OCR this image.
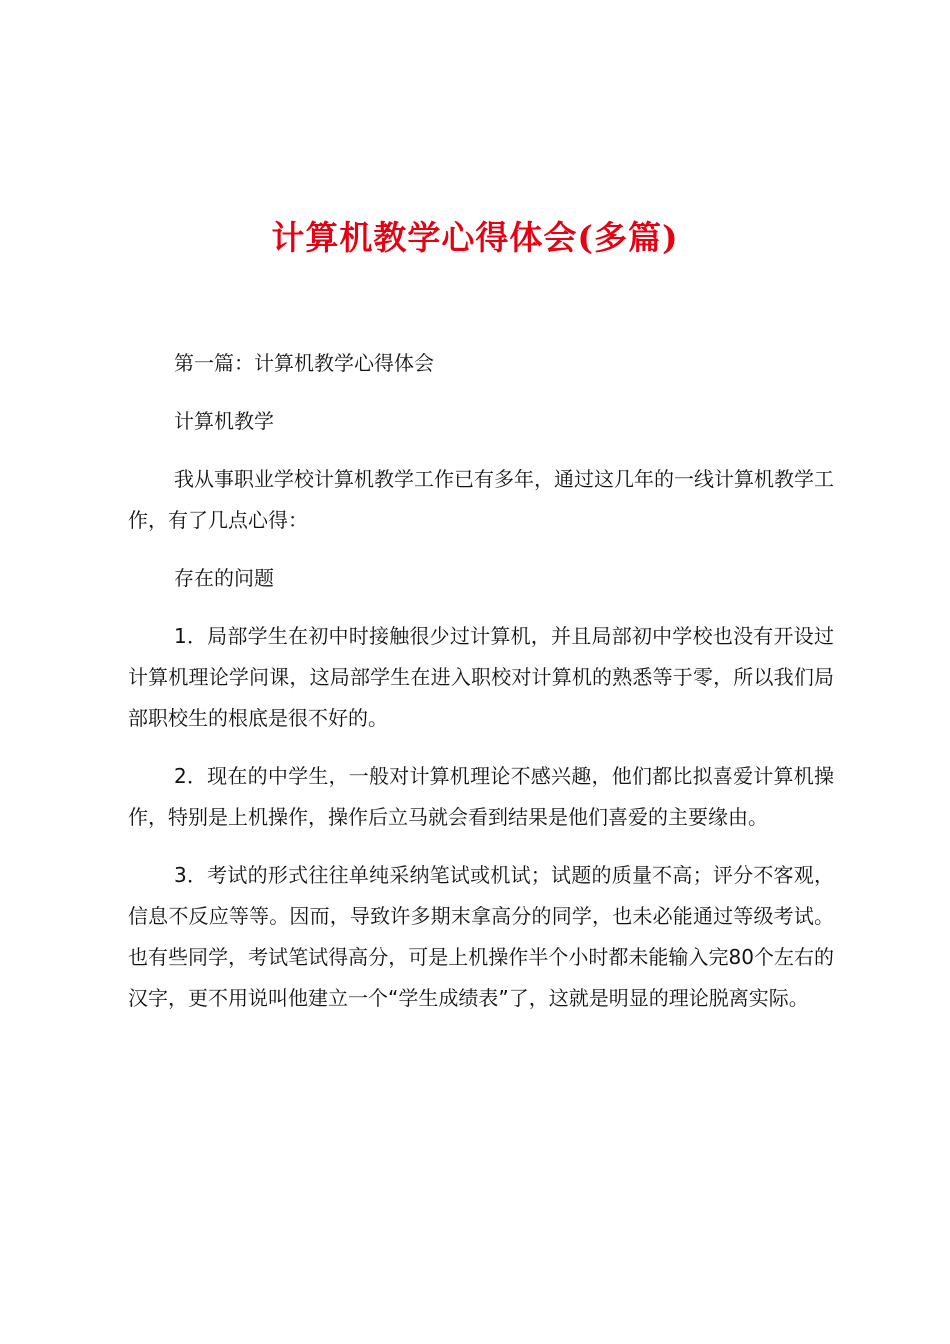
计算机教学心得体会(多篇)

第一篇：计算机教学心得体会

计算机教学

我从事职业学校计算机教学工作已有多年，通过这几年的一线计算机教学工作，有了几点心得：

存在的问题

1．局部学生在初中时接触很少过计算机，并且局部初中学校也没有开设过计算机理论学问课，这局部学生在进入职校对计算机的熟悉等于零，所以我们局部职校生的根底是很不好的。

2．现在的中学生，一般对计算机理论不感兴趣，他们都比拟喜爱计算机操作，特别是上机操作，操作后立马就会看到结果是他们喜爱的主要缘由。

3．考试的形式往往单纯采纳笔试或机试；试题的质量不高；评分不客观，信息不反应等等。因而，导致许多期末拿高分的同学，也未必能通过等级考试。也有些同学，考试笔试得高分，可是上机操作半个小时都未能输入完80个左右的汉字，更不用说叫他建立一个“学生成绩表”了，这就是明显的理论脱离实际。
